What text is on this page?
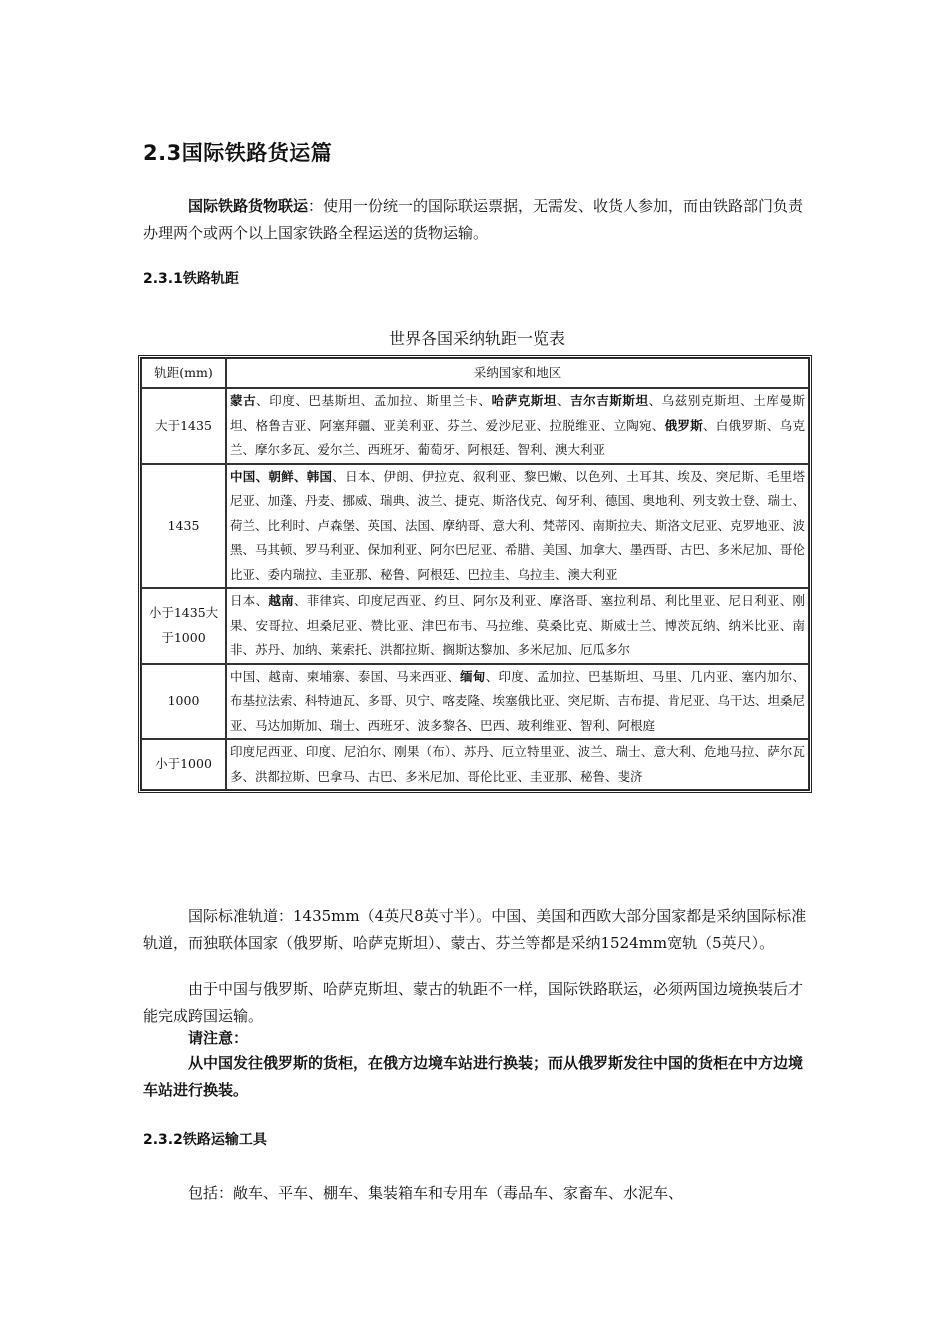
2.3国际铁路货运篇
国际铁路货物联运：使用一份统一的国际联运票据，无需发、收货人参加，而由铁路部门负责办理两个或两个以上国家铁路全程运送的货物运输。
2.3.1铁路轨距
世界各国采纳轨距一览表
轨距(mm)	采纳国家和地区
大于1435	蒙古、印度、巴基斯坦、孟加拉、斯里兰卡、哈萨克斯坦、吉尔吉斯斯坦、乌兹别克斯坦、土库曼斯坦、格鲁吉亚、阿塞拜疆、亚美利亚、芬兰、爱沙尼亚、拉脱维亚、立陶宛、俄罗斯、白俄罗斯、乌克兰、摩尔多瓦、爱尔兰、西班牙、葡萄牙、阿根廷、智利、澳大利亚
1435	中国、朝鲜、韩国、日本、伊朗、伊拉克、叙利亚、黎巴嫩、以色列、土耳其、埃及、突尼斯、毛里塔尼亚、加蓬、丹麦、挪威、瑞典、波兰、捷克、斯洛伐克、匈牙利、德国、奥地利、列支敦士登、瑞士、荷兰、比利时、卢森堡、英国、法国、摩纳哥、意大利、梵蒂冈、南斯拉夫、斯洛文尼亚、克罗地亚、波黑、马其顿、罗马利亚、保加利亚、阿尔巴尼亚、希腊、美国、加拿大、墨西哥、古巴、多米尼加、哥伦比亚、委内瑞拉、圭亚那、秘鲁、阿根廷、巴拉圭、乌拉圭、澳大利亚
小于1435大于1000	日本、越南、菲律宾、印度尼西亚、约旦、阿尔及利亚、摩洛哥、塞拉利昂、利比里亚、尼日利亚、刚果、安哥拉、坦桑尼亚、赞比亚、津巴布韦、马拉维、莫桑比克、斯威士兰、博茨瓦纳、纳米比亚、南非、苏丹、加纳、莱索托、洪都拉斯、搁斯达黎加、多米尼加、厄瓜多尔
1000	中国、越南、柬埔寨、泰国、马来西亚、缅甸、印度、孟加拉、巴基斯坦、马里、几内亚、塞内加尔、布基拉法索、科特迪瓦、多哥、贝宁、喀麦隆、埃塞俄比亚、突尼斯、吉布提、肯尼亚、乌干达、坦桑尼亚、马达加斯加、瑞士、西班牙、波多黎各、巴西、玻利维亚、智利、阿根庭
小于1000	印度尼西亚、印度、尼泊尔、刚果（布）、苏丹、厄立特里亚、波兰、瑞士、意大利、危地马拉、萨尔瓦多、洪都拉斯、巴拿马、古巴、多米尼加、哥伦比亚、圭亚那、秘鲁、斐济
国际标准轨道：1435mm（4英尺8英寸半）。中国、美国和西欧大部分国家都是采纳国际标准轨道，而独联体国家（俄罗斯、哈萨克斯坦）、蒙古、芬兰等都是采纳1524mm宽轨（5英尺）。
由于中国与俄罗斯、哈萨克斯坦、蒙古的轨距不一样，国际铁路联运，必须两国边境换装后才能完成跨国运输。
请注意：
从中国发往俄罗斯的货柜，在俄方边境车站进行换装；而从俄罗斯发往中国的货柜在中方边境车站进行换装。
2.3.2铁路运输工具
包括：敞车、平车、棚车、集装箱车和专用车（毒品车、家畜车、水泥车、
